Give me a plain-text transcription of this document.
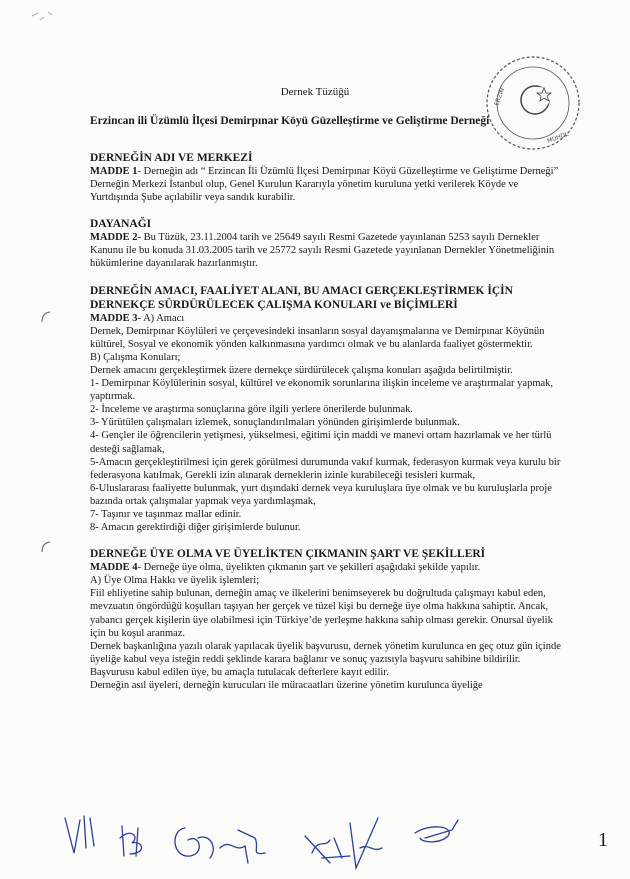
Dernek Tüzüğü
Erzincan ili Üzümlü İlçesi Demirpınar Köyü Güzelleştirme ve Geliştirme Derneği
ERZIN
MUHDL

DERNEĞİN ADI VE MERKEZİ

MADDE 1- Derneğin adı “ Erzincan İli Üzümlü İlçesi Demirpınar Köyü Güzelleştirme ve Geliştirme Derneği”

Derneğin Merkezi İstanbul olup, Genel Kurulun Kararıyla yönetim kuruluna yetki verilerek Köyde ve Yurtdışında Şube açılabilir veya sandık kurabilir.

DAYANAĞI

MADDE 2- Bu Tüzük, 23.11.2004 tarih ve 25649 sayılı Resmi Gazetede yayınlanan 5253 sayılı Dernekler Kanunu ile bu konuda 31.03.2005 tarih ve 25772 sayılı Resmi Gazetede yayınlanan Dernekler Yönetmeliğinin hükümlerine dayanılarak hazırlanmıştır.

DERNEĞİN AMACI, FAALİYET ALANI, BU AMACI GERÇEKLEŞTİRMEK İÇİN DERNEKÇE SÜRDÜRÜLECEK ÇALIŞMA KONULARI ve BİÇİMLERİ

MADDE 3- A) Amacı

Dernek, Demirpınar Köylüleri ve çerçevesindeki insanların sosyal dayanışmalarına ve Demirpınar Köyünün kültürel, Sosyal ve ekonomik yönden kalkınmasına yardımcı olmak ve bu alanlarda faaliyet göstermektir.

B) Çalışma Konuları;

Dernek amacını gerçekleştirmek üzere dernekçe sürdürülecek çalışma konuları aşağıda belirtilmiştir.

1- Demirpınar Köylülerinin sosyal, kültürel ve ekonomik sorunlarına ilişkin inceleme ve araştırmalar yapmak, yaptırmak.

2- İnceleme ve araştırma sonuçlarına göre ilgili yerlere önerilerde bulunmak.

3- Yürütülen çalışmaları izlemek, sonuçlandırılmaları yönünden girişimlerde bulunmak.

4- Gençler ile öğrencilerin yetişmesi, yükselmesi, eğitimi için maddi ve manevi ortam hazırlamak ve her türlü desteği sağlamak,

5-Amacın gerçekleştirilmesi için gerek görülmesi durumunda vakıf kurmak, federasyon kurmak veya kurulu bir federasyona katılmak, Gerekli izin alınarak derneklerin izinle kurabileceği tesisleri kurmak,

6-Uluslararası faaliyette bulunmak, yurt dışındaki dernek veya kuruluşlara üye olmak ve bu kuruluşlarla proje bazında ortak çalışmalar yapmak veya yardımlaşmak,

7- Taşınır ve taşınmaz mallar edinir.

8- Amacın gerektirdiği diğer girişimlerde bulunur.

DERNEĞE ÜYE OLMA VE ÜYELİKTEN ÇIKMANIN ŞART VE ŞEKİLLERİ

MADDE 4- Derneğe üye olma, üyelikten çıkmanın şart ve şekilleri aşağıdaki şekilde yapılır.

A) Üye Olma Hakkı ve üyelik işlemleri;

Fiil ehliyetine sahip bulunan, derneğin amaç ve ilkelerini benimseyerek bu doğrultuda çalışmayı kabul eden, mevzuatın öngördüğü koşulları taşıyan her gerçek ve tüzel kişi bu derneğe üye olma hakkına sahiptir. Ancak, yabancı gerçek kişilerin üye olabilmesi için Türkiye’de yerleşme hakkına sahip olması gerekir. Onursal üyelik için bu koşul aranmaz.

Dernek başkanlığına yazılı olarak yapılacak üyelik başvurusu, dernek yönetim kurulunca en geç otuz gün içinde üyeliğe kabul veya isteğin reddi şeklinde karara bağlanır ve sonuç yazısıyla başvuru sahibine bildirilir. Başvurusu kabul edilen üye, bu amaçla tutulacak defterlere kayıt edilir.

Derneğin asıl üyeleri, derneğin kurucuları ile müracaatları üzerine yönetim kurulunca üyeliğe

1
